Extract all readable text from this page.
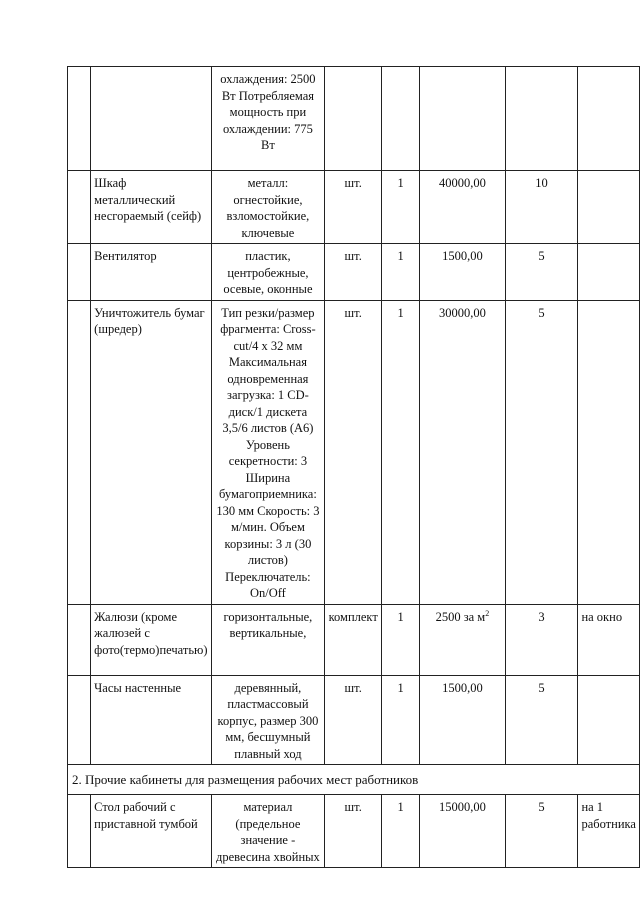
		охлаждения: 2500 Вт Потребляемая мощность при охлаждении: 775 Вт					
	Шкаф металлический несгораемый (сейф)	металл: огнестойкие, взломостойкие, ключевые	шт.	1	40000,00	10	
	Вентилятор	пластик, центробежные, осевые, оконные	шт.	1	1500,00	5	
	Уничтожитель бумаг (шредер)	Тип резки/размер фрагмента: Cross-cut/4 х 32 мм Максимальная одновременная загрузка: 1 CD-диск/1 дискета 3,5/6 листов (А6) Уровень секретности: 3 Ширина бумагоприемника: 130 мм Скорость: 3 м/мин. Объем корзины: 3 л (30 листов) Переключатель: On/Off	шт.	1	30000,00	5	
	Жалюзи (кроме жалюзей с фото(термо)печатью)	горизонтальные, вертикальные,	комплект	1	2500 за $м^2$	3	на окно
	Часы настенные	деревянный, пластмассовый корпус, размер 300 мм, бесшумный плавный ход	шт.	1	1500,00	5	
2. Прочие кабинеты для размещения рабочих мест работников							
	Стол рабочий с приставной тумбой	материал (предельное значение - древесина хвойных	шт.	1	15000,00	5	на 1 работника
